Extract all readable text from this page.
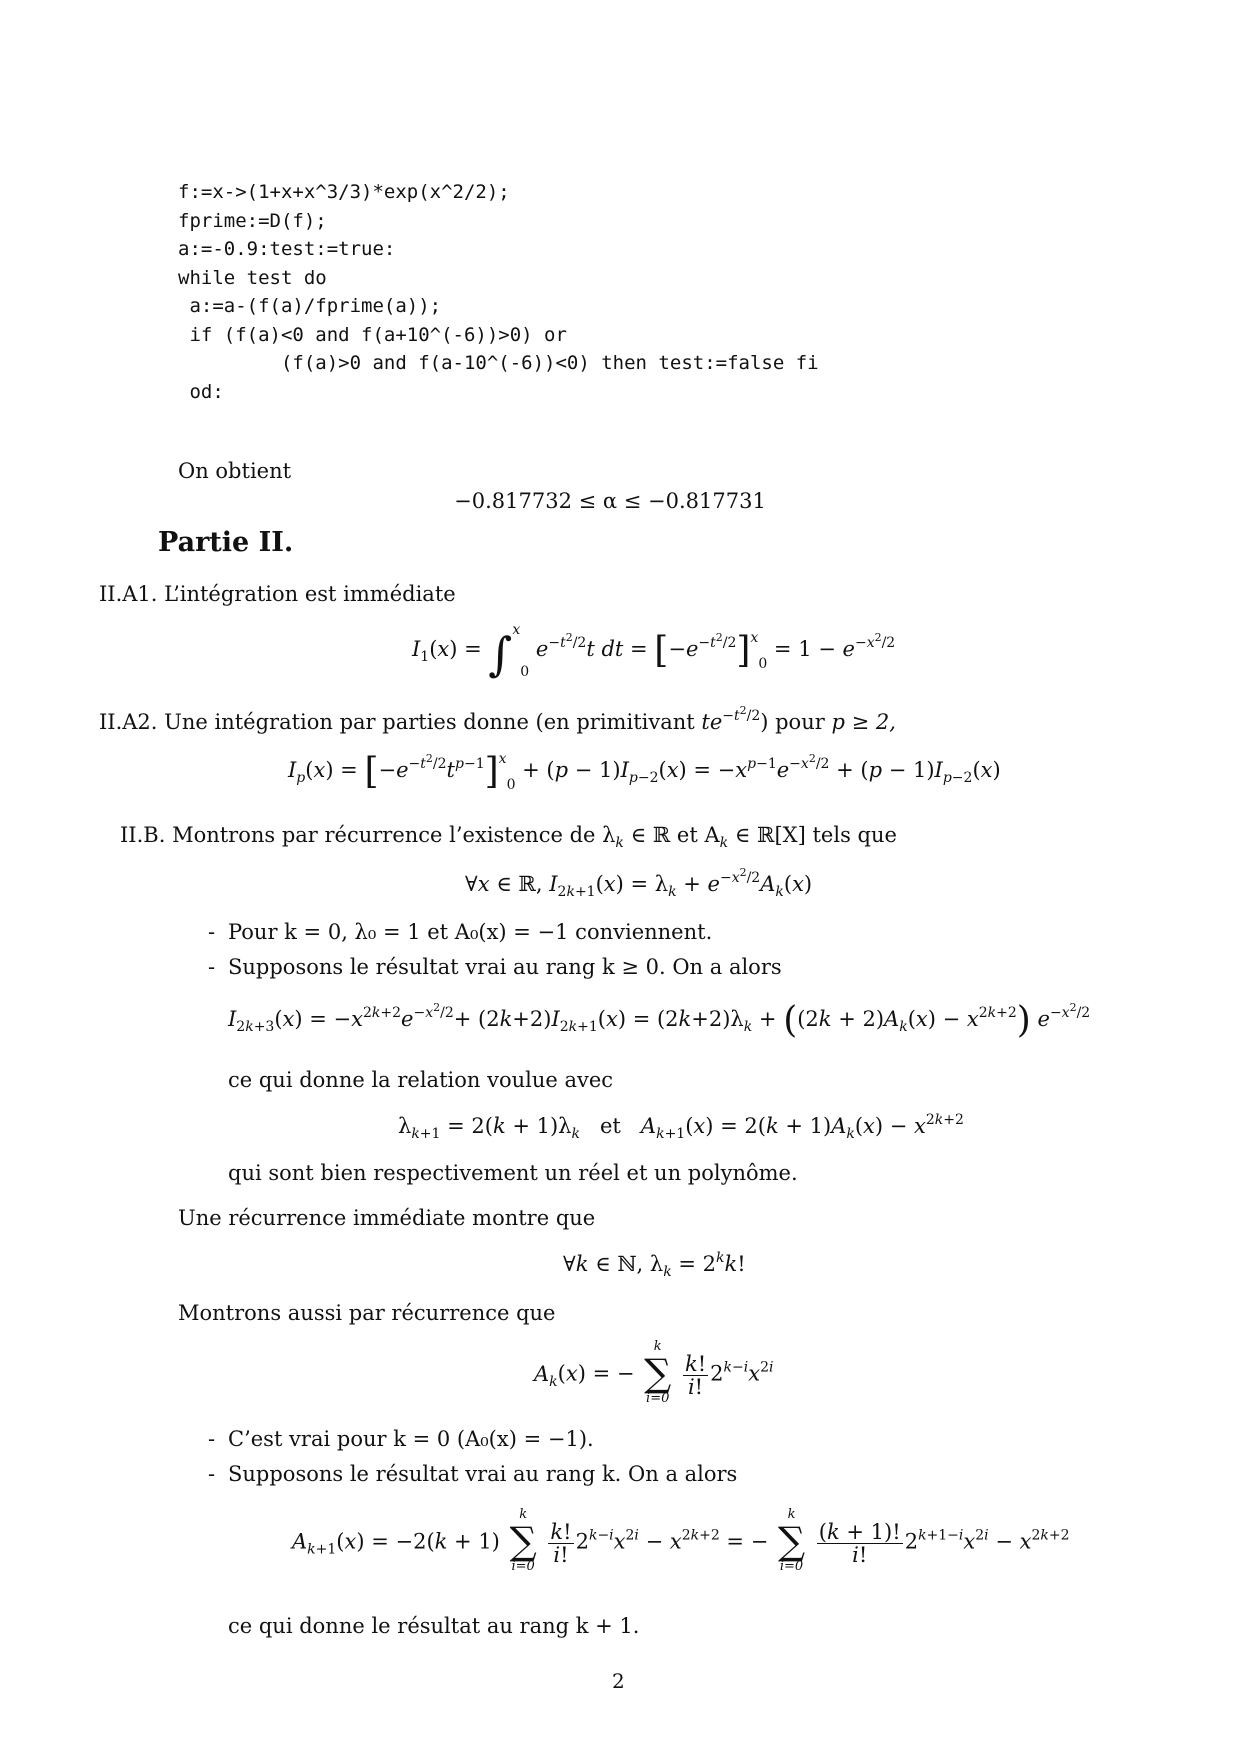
f:=x->(1+x+x^3/3)*exp(x^2/2);
fprime:=D(f);
a:=-0.9:test:=true:
while test do
a:=a-(f(a)/fprime(a));
if (f(a)<0 and f(a+10^(-6))>0) or
(f(a)>0 and f(a-10^(-6))<0) then test:=false fi
od:
On obtient
−0.817732 ≤ α ≤ −0.817731
Partie II.
II.A1. L’intégration est immédiate
$I_1(x) = \int^x_0$ $e^{-t^2/2}t$ dt = $[-e^{-t^2/2}]^x_0 = 1 - e^{-x^2/2}$
II.A2. Une intégration par parties donne (en primitivant $te^{-t^2/2}$) pour p ≥ 2,
$I_p(x) = [-e^{-t^2/2}t^{p-1}]^x_0 + (p - 1)I_{p-2}(x) = -x^{p-1}e^{-x^2/2} + (p - 1)I_{p-2}(x)$
II.B. Montrons par récurrence l’existence de $\lambda_k$ ∈ ℝ et $A_k$ ∈ ℝ[X] tels que
∀x ∈ ℝ, $I_{2k+1}(x) = \lambda_k + e^{-x^2/2}A_k(x)$
- Pour k = 0, λ₀ = 1 et A₀(x) = −1 conviennent.
- Supposons le résultat vrai au rang k ≥ 0. On a alors
$I_{2k+3}(x) = -x^{2k+2}e^{-x^2/2}+ (2k+2)I_{2k+1}(x) = (2k+2)\lambda_k + ((2k + 2)A_k(x) - x^{2k+2})$ $e^{-x^2/2}$
ce qui donne la relation voulue avec
$\lambda_{k+1} = 2(k + 1)\lambda_k$ et $A_{k+1}(x) = 2(k + 1)A_k(x) - x^{2k+2}$
qui sont bien respectivement un réel et un polynôme.
Une récurrence immédiate montre que
∀k ∈ ℕ, $\lambda_k = 2^kk$!
Montrons aussi par récurrence que
$A_k(x)$ = −
k
∑
i=0

$\frac{k!}{i!} 2^{k-i}x^{2i}$
- C’est vrai pour k = 0 (A₀(x) = −1).
- Supposons le résultat vrai au rang k. On a alors
$A_{k+1}(x) = -2(k + 1)$
k
∑
i=0

$\frac{k!}{i!} 2^{k-i}x^{2i} - x^{2k+2}$ = −
k
∑
i=0

$\frac{(k + 1)!}{i!} 2^{k+1-i}x^{2i} - x^{2k+2}$
ce qui donne le résultat au rang k + 1.
2
